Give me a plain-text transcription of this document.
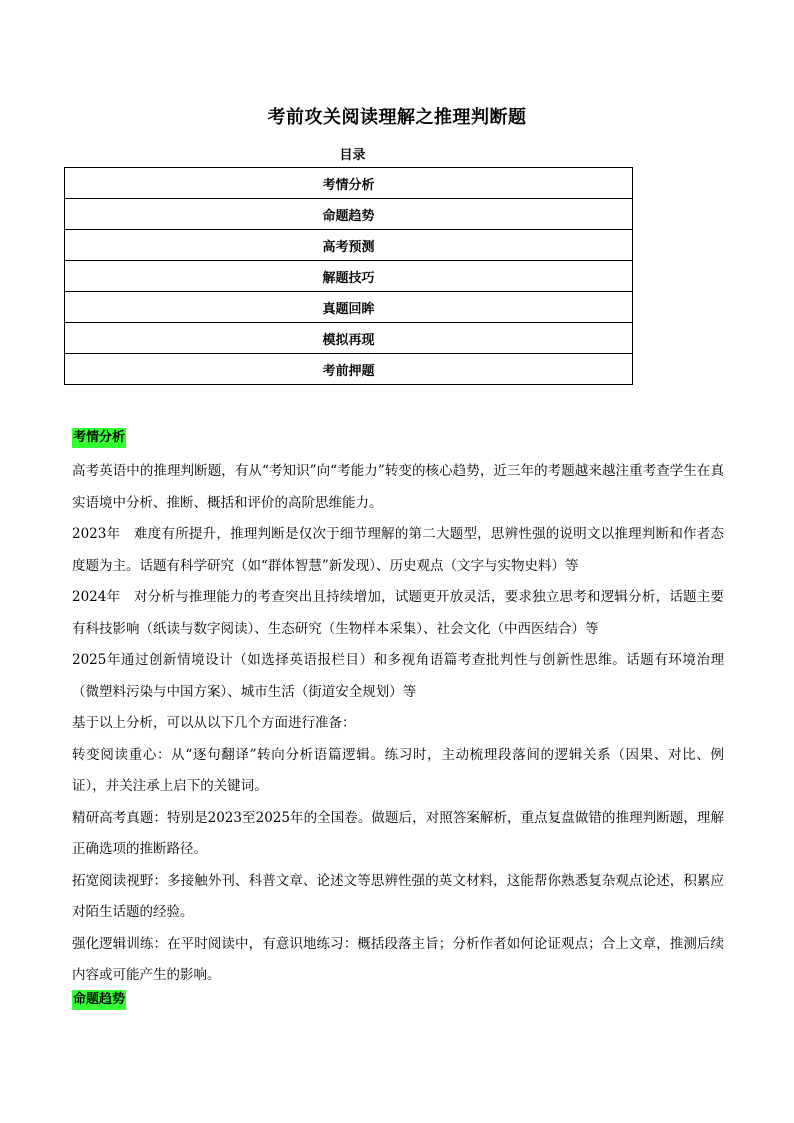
考前攻关阅读理解之推理判断题
目录
考情分析
命题趋势
高考预测
解题技巧
真题回眸
模拟再现
考前押题
考情分析

高考英语中的推理判断题，有从“考知识”向“考能力”转变的核心趋势，近三年的考题越来越注重考查学生在真实语境中分析、推断、概括和评价的高阶思维能力。

2023年　难度有所提升，推理判断是仅次于细节理解的第二大题型，思辨性强的说明文以推理判断和作者态度题为主。话题有科学研究（如“群体智慧”新发现）、历史观点（文字与实物史料）等

2024年　对分析与推理能力的考查突出且持续增加，试题更开放灵活，要求独立思考和逻辑分析，话题主要有科技影响（纸读与数字阅读）、生态研究（生物样本采集）、社会文化（中西医结合）等

2025年通过创新情境设计（如选择英语报栏目）和多视角语篇考查批判性与创新性思维。话题有环境治理（微塑料污染与中国方案）、城市生活（街道安全规划）等

基于以上分析，可以从以下几个方面进行准备：

转变阅读重心：从“逐句翻译”转向分析语篇逻辑。练习时，主动梳理段落间的逻辑关系（因果、对比、例证），并关注承上启下的关键词。

精研高考真题：特别是2023至2025年的全国卷。做题后，对照答案解析，重点复盘做错的推理判断题，理解正确选项的推断路径。

拓宽阅读视野：多接触外刊、科普文章、论述文等思辨性强的英文材料，这能帮你熟悉复杂观点论述，积累应对陌生话题的经验。

强化逻辑训练：在平时阅读中，有意识地练习：概括段落主旨；分析作者如何论证观点；合上文章，推测后续内容或可能产生的影响。

命题趋势
